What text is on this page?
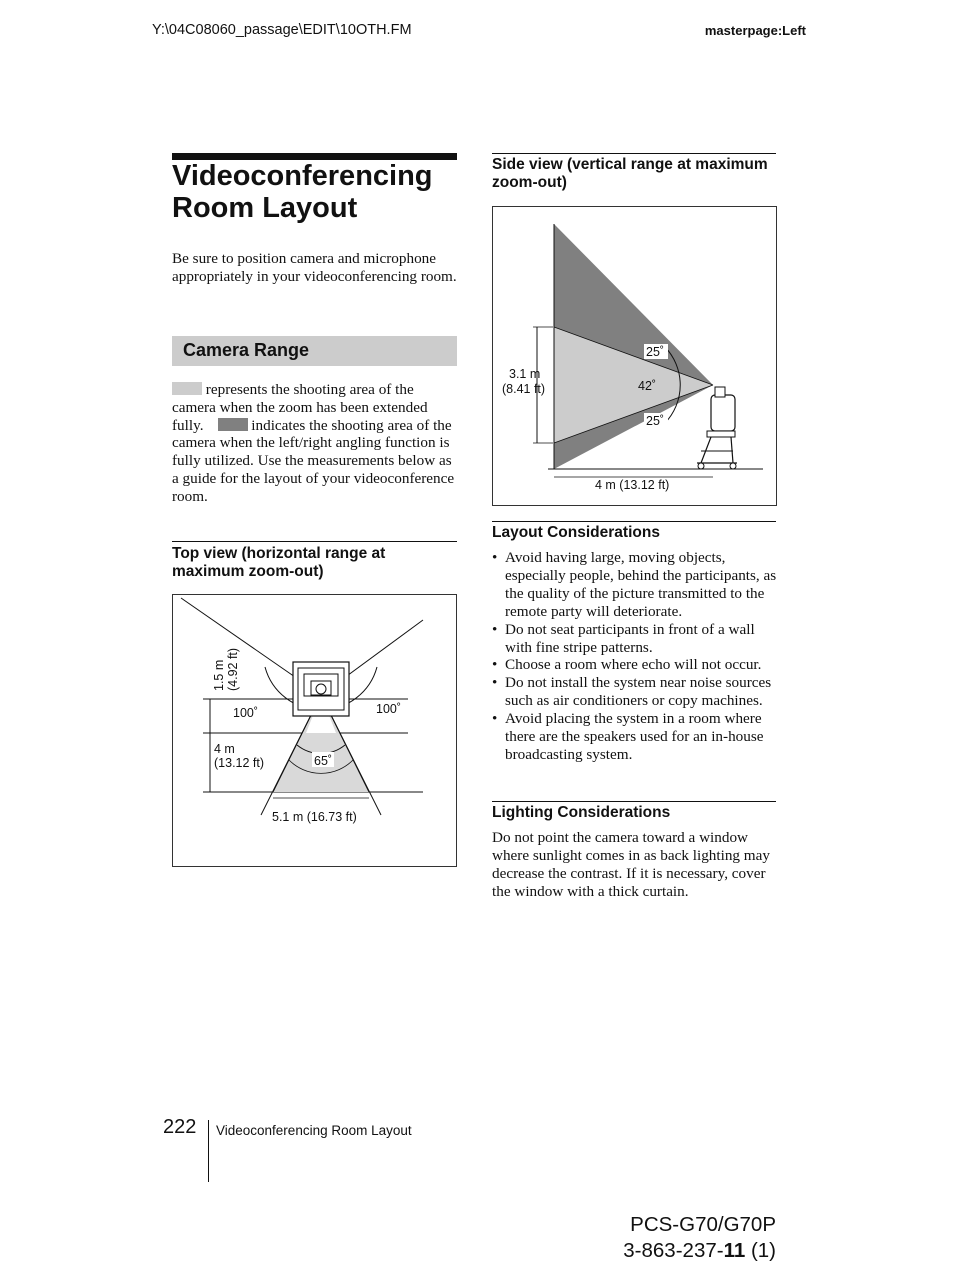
Y:\04C08060_passage\EDIT\10OTH.FM	masterpage:Left
Videoconferencing
Room Layout

Be sure to position camera and microphone appropriately in your videoconferencing room.

Camera Range

represents the shooting area of the camera when the zoom has been extended fully.	indicates the shooting area of the camera when the left/right angling function is fully utilized. Use the measurements below as a guide for the layout of your videoconference room.

Top view (horizontal range at maximum zoom-out)

1.5 m (4.92 ft)
100˚	100˚
4 m
(13.12 ft)	65˚
5.1 m (16.73 ft)

Side view (vertical range at maximum zoom-out)

25˚
42˚
25˚
3.1 m
(8.41 ft)
4 m (13.12 ft)

Layout Considerations

• Avoid having large, moving objects, especially people, behind the participants, as the quality of the picture transmitted to the remote party will deteriorate.
• Do not seat participants in front of a wall with fine stripe patterns.
• Choose a room where echo will not occur.
• Do not install the system near noise sources such as air conditioners or copy machines.
• Avoid placing the system in a room where there are the speakers used for an in-house broadcasting system.

Lighting Considerations

Do not point the camera toward a window where sunlight comes in as back lighting may decrease the contrast. If it is necessary, cover the window with a thick curtain.

222 Videoconferencing Room Layout
PCS-G70/G70P
3-863-237-11 (1)
